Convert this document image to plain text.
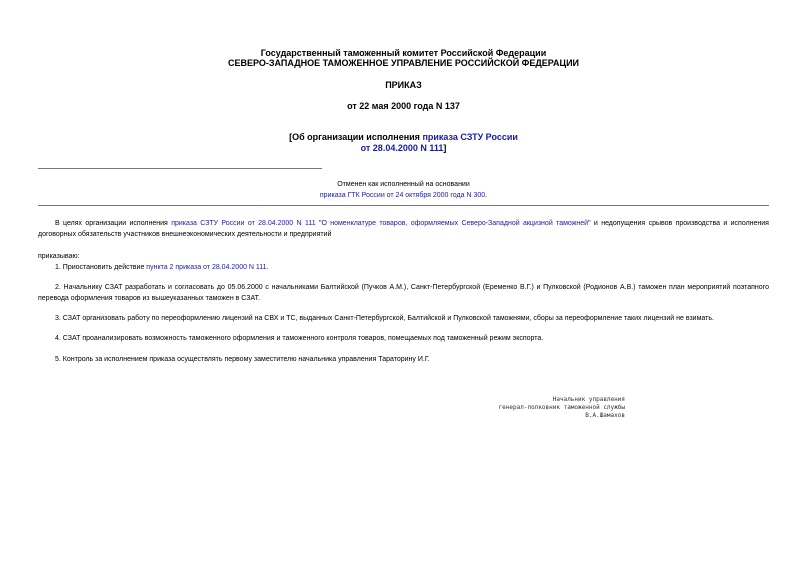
Государственный таможенный комитет Российской Федерации
СЕВЕРО-ЗАПАДНОЕ ТАМОЖЕННОЕ УПРАВЛЕНИЕ РОССИЙСКОЙ ФЕДЕРАЦИИ
ПРИКАЗ
от 22 мая 2000 года N 137
[Об организации исполнения приказа СЗТУ России
от 28.04.2000 N 111]
Отменен как исполненный на основании
приказа ГТК России от 24 октября 2000 года N 300.
В целях организации исполнения приказа СЗТУ России от 28.04.2000 N 111 "О номенклатуре товаров, оформляемых Северо-Западной акцизной таможней" и недопущения срывов производства и исполнения договорных обязательств участников внешнеэкономических деятельности и предприятий
приказываю:
1. Приостановить действие пункта 2 приказа от 28.04.2000 N 111.
2. Начальнику СЗАТ разработать и согласовать до 05.06.2000 с начальниками Балтийской (Пучков А.М.), Санкт-Петербургской (Еременко В.Г.) и Пулковской (Родионов А.В.) таможен план мероприятий поэтапного перевода оформления товаров из вышеуказанных таможен в СЗАТ.
3. СЗАТ организовать работу по переоформлению лицензий на СВХ и ТС, выданных Санкт-Петербургской, Балтийской и Пулковской таможнями, сборы за переоформление таких лицензий не взимать.
4. СЗАТ проанализировать возможность таможенного оформления и таможенного контроля товаров, помещаемых под таможенный режим экспорта.
5. Контроль за исполнением приказа осуществлять первому заместителю начальника управления Тараторину И.Г.
Начальник управления
генерал-полковник таможенной службы
В.А.Шамахов
